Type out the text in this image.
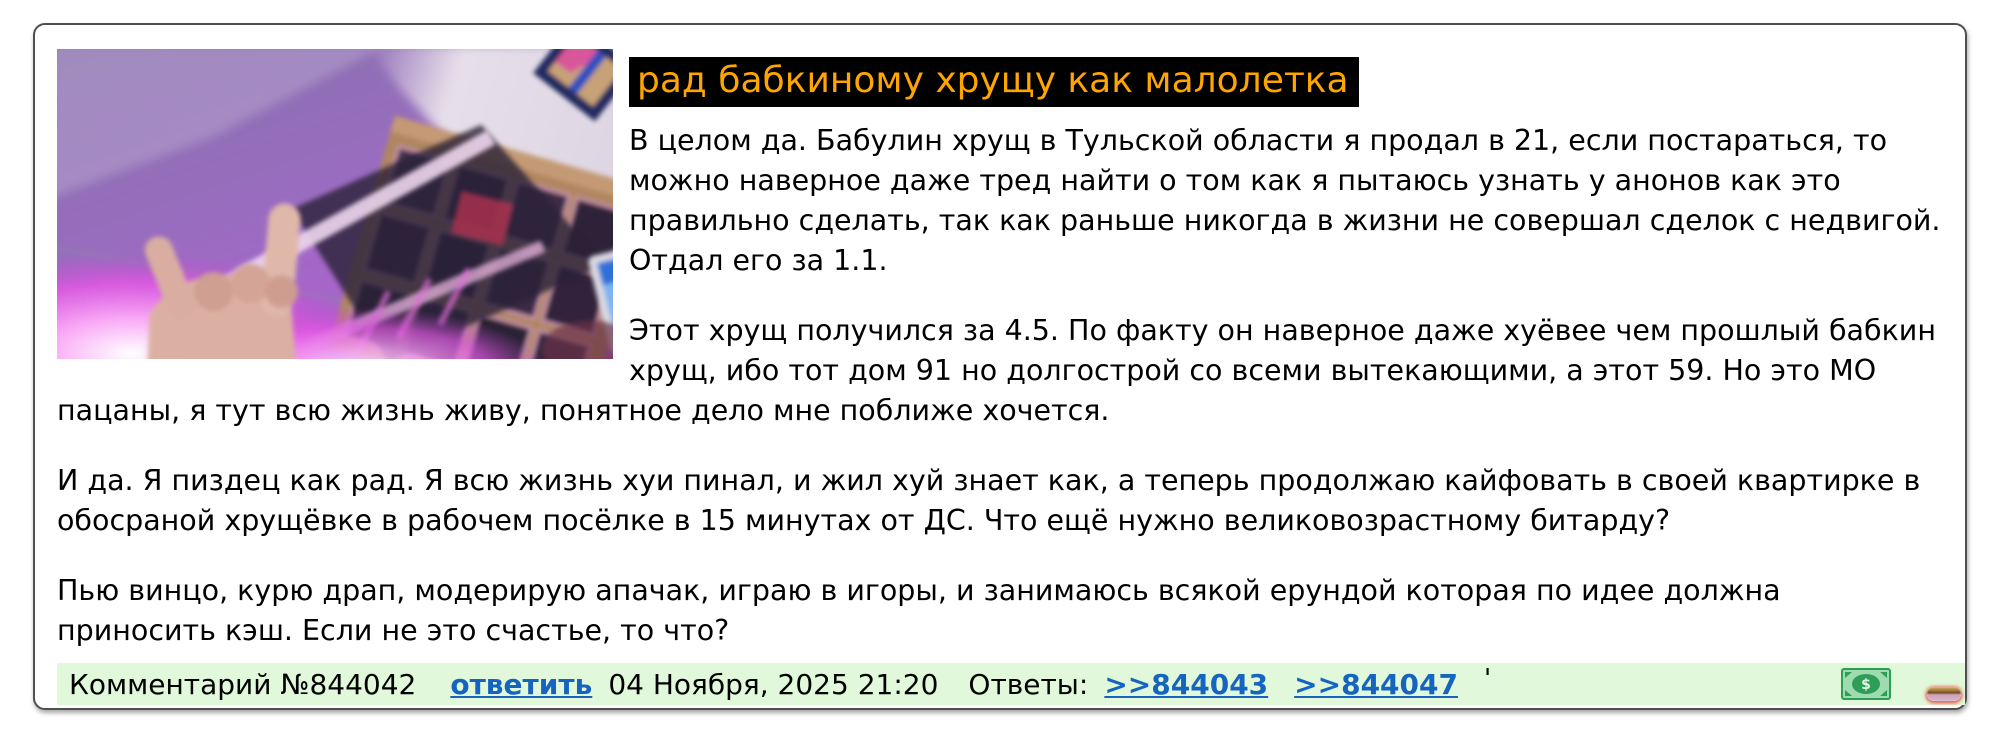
рад бабкиному хрущу как малолетка
В целом да. Бабулин хрущ в Тульской области я продал в 21, если постараться, то можно наверное даже тред найти о том как я пытаюсь узнать у анонов как это правильно сделать, так как раньше никогда в жизни не совершал сделок с недвигой. Отдал его за 1.1.
Этот хрущ получился за 4.5. По факту он наверное даже хуёвее чем прошлый бабкин хрущ, ибо тот дом 91 но долгострой со всеми вытекающими, а этот 59. Но это МО пацаны, я тут всю жизнь живу, понятное дело мне поближе хочется.
И да. Я пиздец как рад. Я всю жизнь хуи пинал, и жил хуй знает как, а теперь продолжаю кайфовать в своей квартирке в обосраной хрущёвке в рабочем посёлке в 15 минутах от ДС. Что ещё нужно великовозрастному битарду?
Пью винцо, курю драп, модерирую апачак, играю в игоры, и занимаюсь всякой ерундой которая по идее должна приносить кэш. Если не это счастье, то что?
Комментарий №844042 ответить 04 Ноября, 2025 21:20 Ответы: >>844043 >>844047 '	$
